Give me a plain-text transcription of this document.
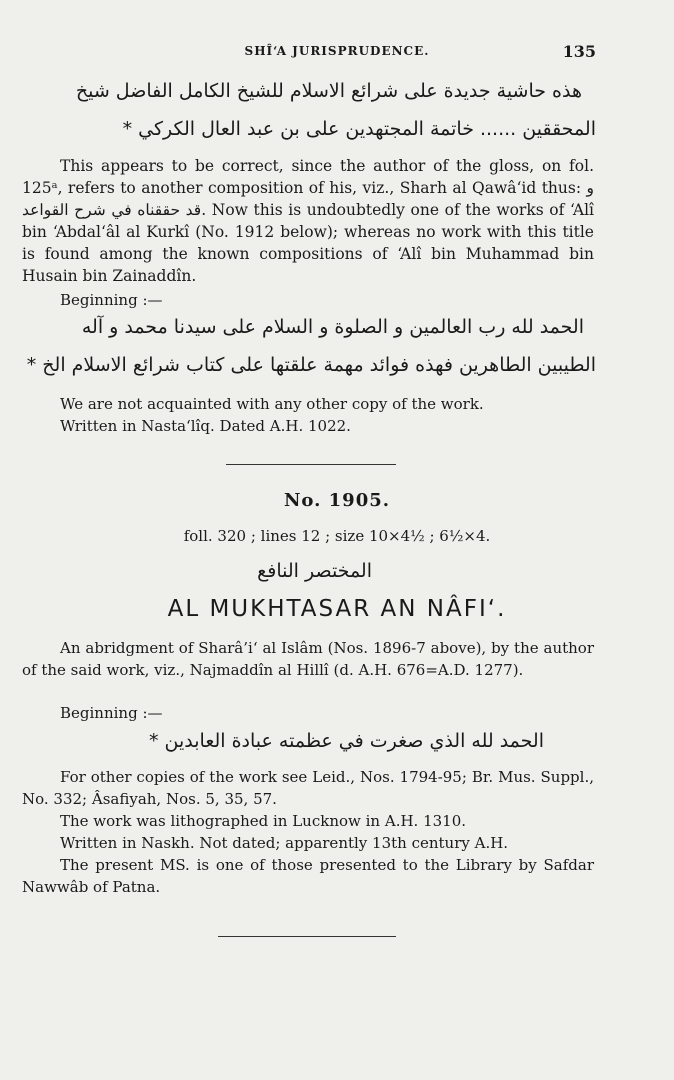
SHÎ‘A JURISPRUDENCE.	135
هذه حاشية جديدة على شرائع الاسلام للشيخ الكامل الفاضل شيخ
المحققين ...... خاتمة المجتهدين على بن عبد العال الكركي *
This appears to be correct, since the author of the gloss, on fol. 125ᵃ, refers to another composition of his, viz., Sharh al Qawâ‘id thus: و قد حققناه في شرح القواعد. Now this is undoubtedly one of the works of ‘Alî bin ‘Abdal‘âl al Kurkî (No. 1912 below); whereas no work with this title is found among the known compositions of ‘Alî bin Muhammad bin Husain bin Zainaddîn.
Beginning :—
الحمد لله رب العالمين و الصلوة و السلام على سيدنا محمد و آله
الطيبين الطاهرين فهذه فوائد مهمة علقتها على كتاب شرائع الاسلام الخ *
We are not acquainted with any other copy of the work.
Written in Nasta‘lîq. Dated A.H. 1022.
No. 1905.
foll. 320 ; lines 12 ; size 10×4½ ; 6½×4.
المختصر النافع
AL MUKHTASAR AN NÂFI‘.
An abridgment of Sharâ’i‘ al Islâm (Nos. 1896-7 above), by the author of the said work, viz., Najmaddîn al Hillî (d. A.H. 676=A.D. 1277).
Beginning :—
الحمد لله الذي صغرت في عظمته عبادة العابدين *
For other copies of the work see Leid., Nos. 1794-95; Br. Mus. Suppl., No. 332; Âsafiyah, Nos. 5, 35, 57.
The work was lithographed in Lucknow in A.H. 1310.
Written in Naskh. Not dated; apparently 13th century A.H.
The present MS. is one of those presented to the Library by Safdar Nawwâb of Patna.
